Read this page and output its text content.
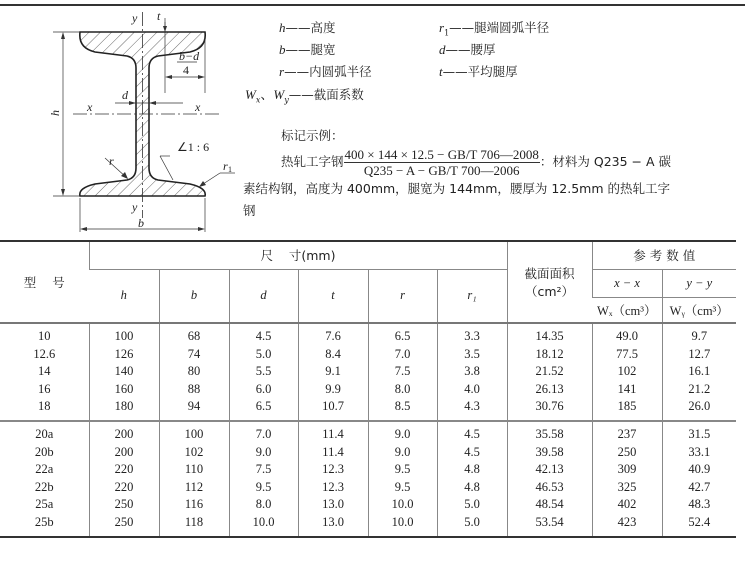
y t
b−d
4
d
x	x
h
r
∠1 : 6
r 1
y
b
h——高度
b——腿宽
r——内圆弧半径
$W_x$、$W_y——$截面系数
$r_1——$腿端圆弧半径
d——腰厚
t——平均腿厚
标记示例：
热轧工字钢 $\frac{400 \times 144 \times 12.5 - GB/T 706—2008}{Q235 - A - GB/T 700—2006}$ ：材料为 Q235 − A 碳
素结构钢，高度为 400mm，腿宽为 144mm，腰厚为 12.5mm 的热轧工字
钢
型    号	尺    寸(mm)						截面面积
（cm²）	参 考 数 值	
	h	b	d	t	r	r₁		x − x	y − y
								Wₓ（cm³）	Wᵧ（cm³）
10	100	68	4.5	7.6	6.5	3.3	14.35	49.0	9.7
12.6	126	74	5.0	8.4	7.0	3.5	18.12	77.5	12.7
14	140	80	5.5	9.1	7.5	3.8	21.52	102	16.1
16	160	88	6.0	9.9	8.0	4.0	26.13	141	21.2
18	180	94	6.5	10.7	8.5	4.3	30.76	185	26.0
20a	200	100	7.0	11.4	9.0	4.5	35.58	237	31.5
20b	200	102	9.0	11.4	9.0	4.5	39.58	250	33.1
22a	220	110	7.5	12.3	9.5	4.8	42.13	309	40.9
22b	220	112	9.5	12.3	9.5	4.8	46.53	325	42.7
25a	250	116	8.0	13.0	10.0	5.0	48.54	402	48.3
25b	250	118	10.0	13.0	10.0	5.0	53.54	423	52.4
